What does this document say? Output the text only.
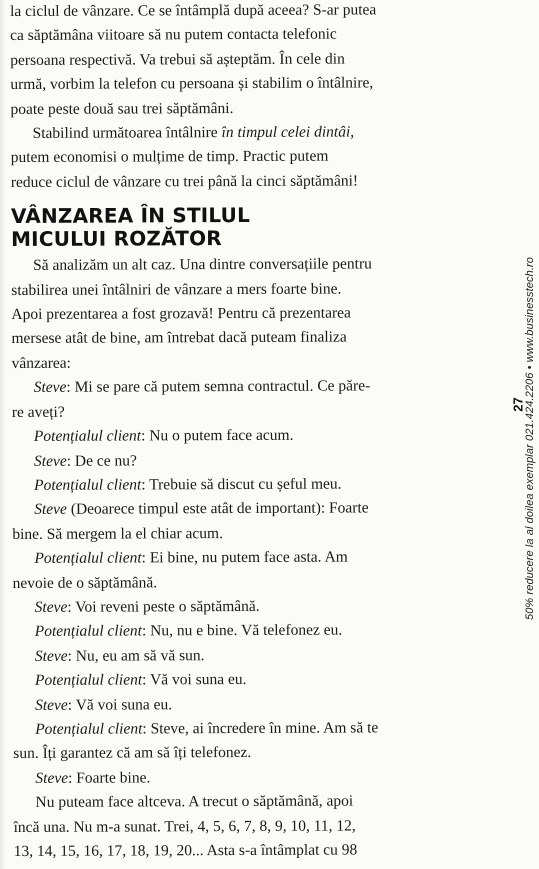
la ciclul de vânzare. Ce se întâmplă după aceea? S-ar putea
ca săptămâna viitoare să nu putem contacta telefonic
persoana respectivă. Va trebui să așteptăm. În cele din
urmă, vorbim la telefon cu persoana și stabilim o întâlnire,
poate peste două sau trei săptămâni.

Stabilind următoarea întâlnire în timpul celei dintâi,
putem economisi o mulțime de timp. Practic putem
reduce ciclul de vânzare cu trei până la cinci săptămâni!

VÂNZAREA ÎN STILUL
MICULUI ROZĂTOR

Să analizăm un alt caz. Una dintre conversațiile pentru
stabilirea unei întâlniri de vânzare a mers foarte bine.
Apoi prezentarea a fost grozavă! Pentru că prezentarea
mersese atât de bine, am întrebat dacă puteam finaliza
vânzarea:

Steve: Mi se pare că putem semna contractul. Ce păre-
re aveți?

Potențialul client: Nu o putem face acum.

Steve: De ce nu?

Potențialul client: Trebuie să discut cu șeful meu.

Steve (Deoarece timpul este atât de important): Foarte
bine. Să mergem la el chiar acum.

Potențialul client: Ei bine, nu putem face asta. Am
nevoie de o săptămână.

Steve: Voi reveni peste o săptămână.

Potențialul client: Nu, nu e bine. Vă telefonez eu.

Steve: Nu, eu am să vă sun.

Potențialul client: Vă voi suna eu.

Steve: Vă voi suna eu.

Potențialul client: Steve, ai încredere în mine. Am să te
sun. Îți garantez că am să îți telefonez.

Steve: Foarte bine.

Nu puteam face altceva. A trecut o săptămână, apoi
încă una. Nu m-a sunat. Trei, 4, 5, 6, 7, 8, 9, 10, 11, 12,
13, 14, 15, 16, 17, 18, 19, 20... Asta s-a întâmplat cu 98

50% reducere la al doilea exemplar 021.424.2206 • www.businesstech.ro
27
